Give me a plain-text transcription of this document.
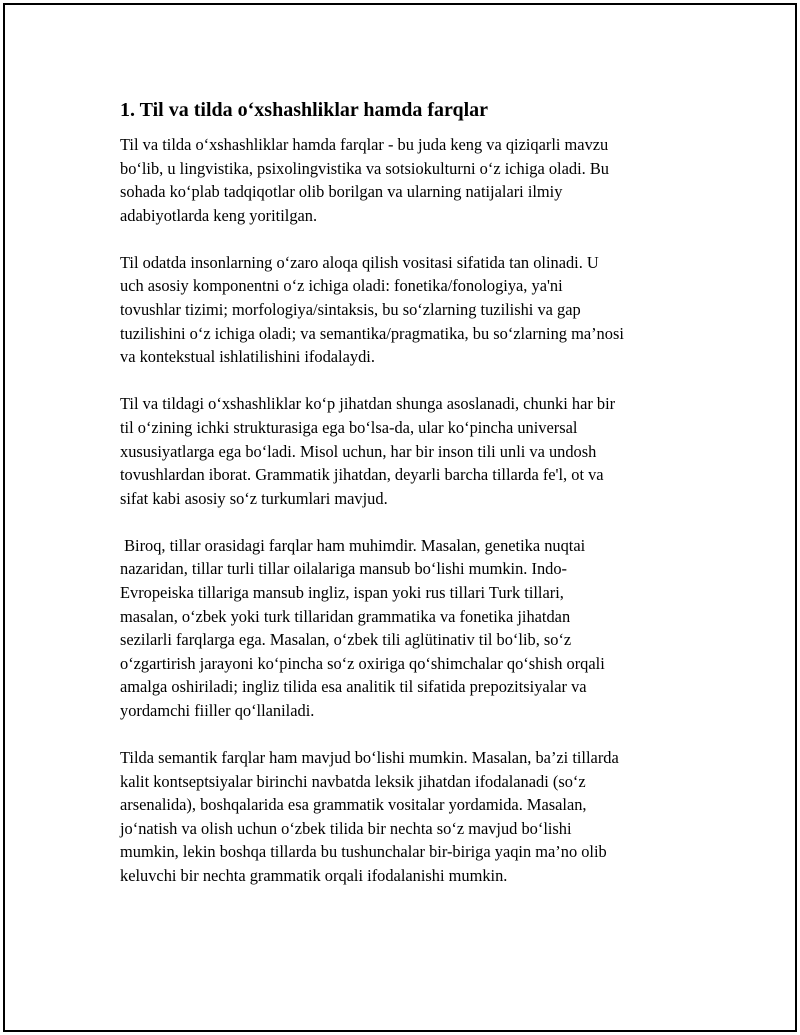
1. Til va tilda o‘xshashliklar hamda farqlar
Til va tilda o‘xshashliklar hamda farqlar - bu juda keng va qiziqarli mavzu
bo‘lib, u lingvistika, psixolingvistika va sotsiokulturni o‘z ichiga oladi. Bu
sohada ko‘plab tadqiqotlar olib borilgan va ularning natijalari ilmiy
adabiyotlarda keng yoritilgan.
Til odatda insonlarning o‘zaro aloqa qilish vositasi sifatida tan olinadi. U
uch asosiy komponentni o‘z ichiga oladi: fonetika/fonologiya, ya'ni
tovushlar tizimi; morfologiya/sintaksis, bu so‘zlarning tuzilishi va gap
tuzilishini o‘z ichiga oladi; va semantika/pragmatika, bu so‘zlarning ma’nosi
va kontekstual ishlatilishini ifodalaydi.
Til va tildagi o‘xshashliklar ko‘p jihatdan shunga asoslanadi, chunki har bir
til o‘zining ichki strukturasiga ega bo‘lsa-da, ular ko‘pincha universal
xususiyatlarga ega bo‘ladi. Misol uchun, har bir inson tili unli va undosh
tovushlardan iborat. Grammatik jihatdan, deyarli barcha tillarda fe'l, ot va
sifat kabi asosiy so‘z turkumlari mavjud.
Biroq, tillar orasidagi farqlar ham muhimdir. Masalan, genetika nuqtai
nazaridan, tillar turli tillar oilalariga mansub bo‘lishi mumkin. Indo-
Evropeiska tillariga mansub ingliz, ispan yoki rus tillari Turk tillari,
masalan, o‘zbek yoki turk tillaridan grammatika va fonetika jihatdan
sezilarli farqlarga ega. Masalan, o‘zbek tili aglütinativ til bo‘lib, so‘z
o‘zgartirish jarayoni ko‘pincha so‘z oxiriga qo‘shimchalar qo‘shish orqali
amalga oshiriladi; ingliz tilida esa analitik til sifatida prepozitsiyalar va
yordamchi fiiller qo‘llaniladi.
Tilda semantik farqlar ham mavjud bo‘lishi mumkin. Masalan, ba’zi tillarda
kalit kontseptsiyalar birinchi navbatda leksik jihatdan ifodalanadi (so‘z
arsenalida), boshqalarida esa grammatik vositalar yordamida. Masalan,
jo‘natish va olish uchun o‘zbek tilida bir nechta so‘z mavjud bo‘lishi
mumkin, lekin boshqa tillarda bu tushunchalar bir-biriga yaqin ma’no olib
keluvchi bir nechta grammatik orqali ifodalanishi mumkin.
